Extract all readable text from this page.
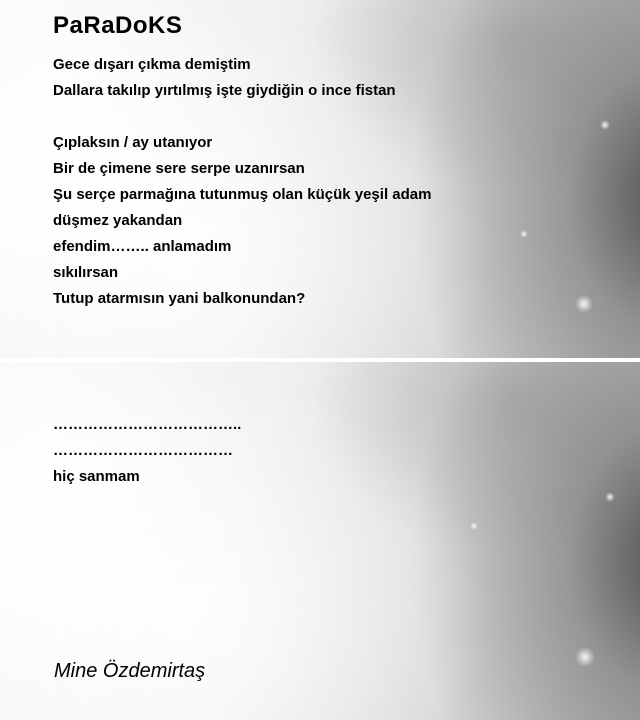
PaRaDoKS

Gece dışarı çıkma demiştim

Dallara takılıp yırtılmış işte giydiğin o ince fistan

Çıplaksın / ay utanıyor

Bir de çimene sere serpe uzanırsan

Şu serçe parmağına tutunmuş olan küçük yeşil adam

düşmez yakandan

efendim…….. anlamadım

sıkılırsan

Tutup atarmısın yani balkonundan?

………………………………..

………………………………

hiç sanmam

Mine Özdemirtaş
